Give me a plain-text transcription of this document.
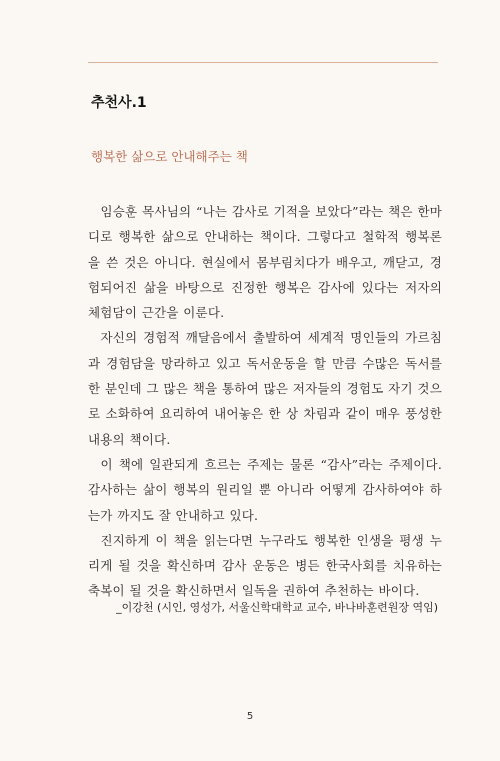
추천사.1
행복한 삶으로 안내해주는 책

임승훈 목사님의 “나는 감사로 기적을 보았다”라는 책은 한마디로 행복한 삶으로 안내하는 책이다. 그렇다고 철학적 행복론을 쓴 것은 아니다. 현실에서 몸부림치다가 배우고, 깨닫고, 경험되어진 삶을 바탕으로 진정한 행복은 감사에 있다는 저자의 체험담이 근간을 이룬다.

자신의 경험적 깨달음에서 출발하여 세계적 명인들의 가르침과 경험담을 망라하고 있고 독서운동을 할 만큼 수많은 독서를 한 분인데 그 많은 책을 통하여 많은 저자들의 경험도 자기 것으로 소화하여 요리하여 내어놓은 한 상 차림과 같이 매우 풍성한 내용의 책이다.

이 책에 일관되게 흐르는 주제는 물론 “감사”라는 주제이다. 감사하는 삶이 행복의 원리일 뿐 아니라 어떻게 감사하여야 하는가 까지도 잘 안내하고 있다.

진지하게 이 책을 읽는다면 누구라도 행복한 인생을 평생 누리게 될 것을 확신하며 감사 운동은 병든 한국사회를 치유하는 축복이 될 것을 확신하면서 일독을 권하여 추천하는 바이다.

_이강천 (시인, 영성가, 서울신학대학교 교수, 바나바훈련원장 역임)
5
